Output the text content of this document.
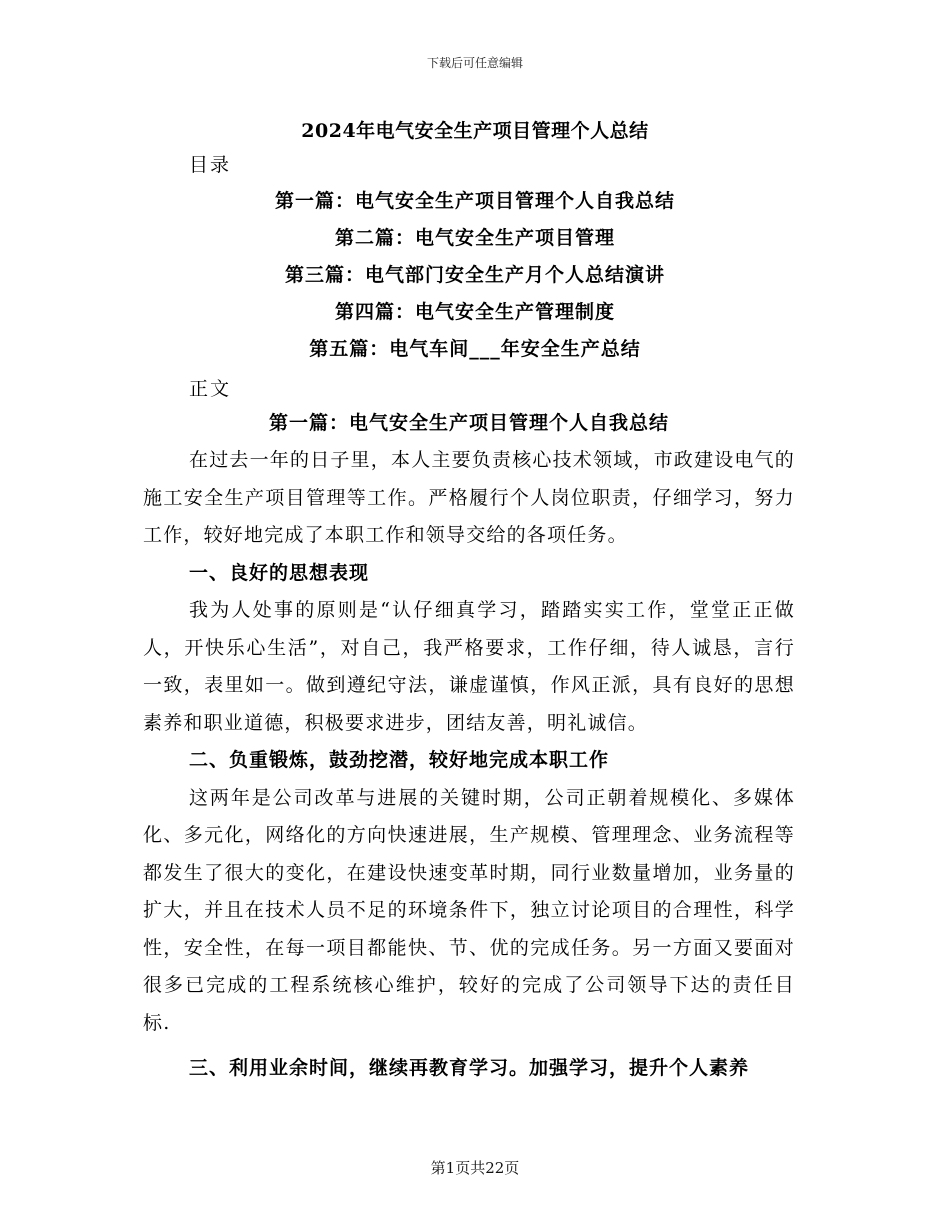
下载后可任意编辑
2024年电气安全生产项目管理个人总结
目录
第一篇：电气安全生产项目管理个人自我总结
第二篇：电气安全生产项目管理
第三篇：电气部门安全生产月个人总结演讲
第四篇：电气安全生产管理制度
第五篇：电气车间___年安全生产总结
正文

第一篇：电气安全生产项目管理个人自我总结

在过去一年的日子里，本人主要负责核心技术领域，市政建设电气的施工安全生产项目管理等工作。严格履行个人岗位职责，仔细学习，努力工作，较好地完成了本职工作和领导交给的各项任务。

一、良好的思想表现

我为人处事的原则是“认仔细真学习，踏踏实实工作，堂堂正正做人，开快乐心生活”，对自己，我严格要求，工作仔细，待人诚恳，言行一致，表里如一。做到遵纪守法，谦虚谨慎，作风正派，具有良好的思想素养和职业道德，积极要求进步，团结友善，明礼诚信。

二、负重锻炼，鼓劲挖潜，较好地完成本职工作

这两年是公司改革与进展的关键时期，公司正朝着规模化、多媒体化、多元化，网络化的方向快速进展，生产规模、管理理念、业务流程等都发生了很大的变化，在建设快速变革时期，同行业数量增加，业务量的扩大，并且在技术人员不足的环境条件下，独立讨论项目的合理性，科学性，安全性，在每一项目都能快、节、优的完成任务。另一方面又要面对很多已完成的工程系统核心维护，较好的完成了公司领导下达的责任目标.

三、利用业余时间，继续再教育学习。加强学习，提升个人素养

第1页共22页
